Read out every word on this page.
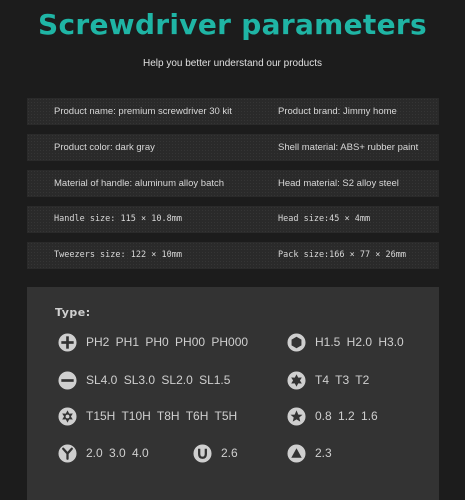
Screwdriver parameters
Help you better understand our products
Product name: premium screwdriver 30 kit	Product brand: Jimmy home
Product color: dark gray	Shell material: ABS+ rubber paint
Material of handle: aluminum alloy batch	Head material: S2 alloy steel
Handle size: 115 × 10.8mm	Head size:45 × 4mm
Tweezers size: 122 × 10mm	Pack size:166 × 77 × 26mm
Type:
PH2 PH1 PH0 PH00 PH000	H1.5 H2.0 H3.0
SL4.0 SL3.0 SL2.0 SL1.5	T4 T3 T2
T15H T10H T8H T6H T5H	0.8 1.2 1.6
2.0 3.0 4.0	2.6	2.3
